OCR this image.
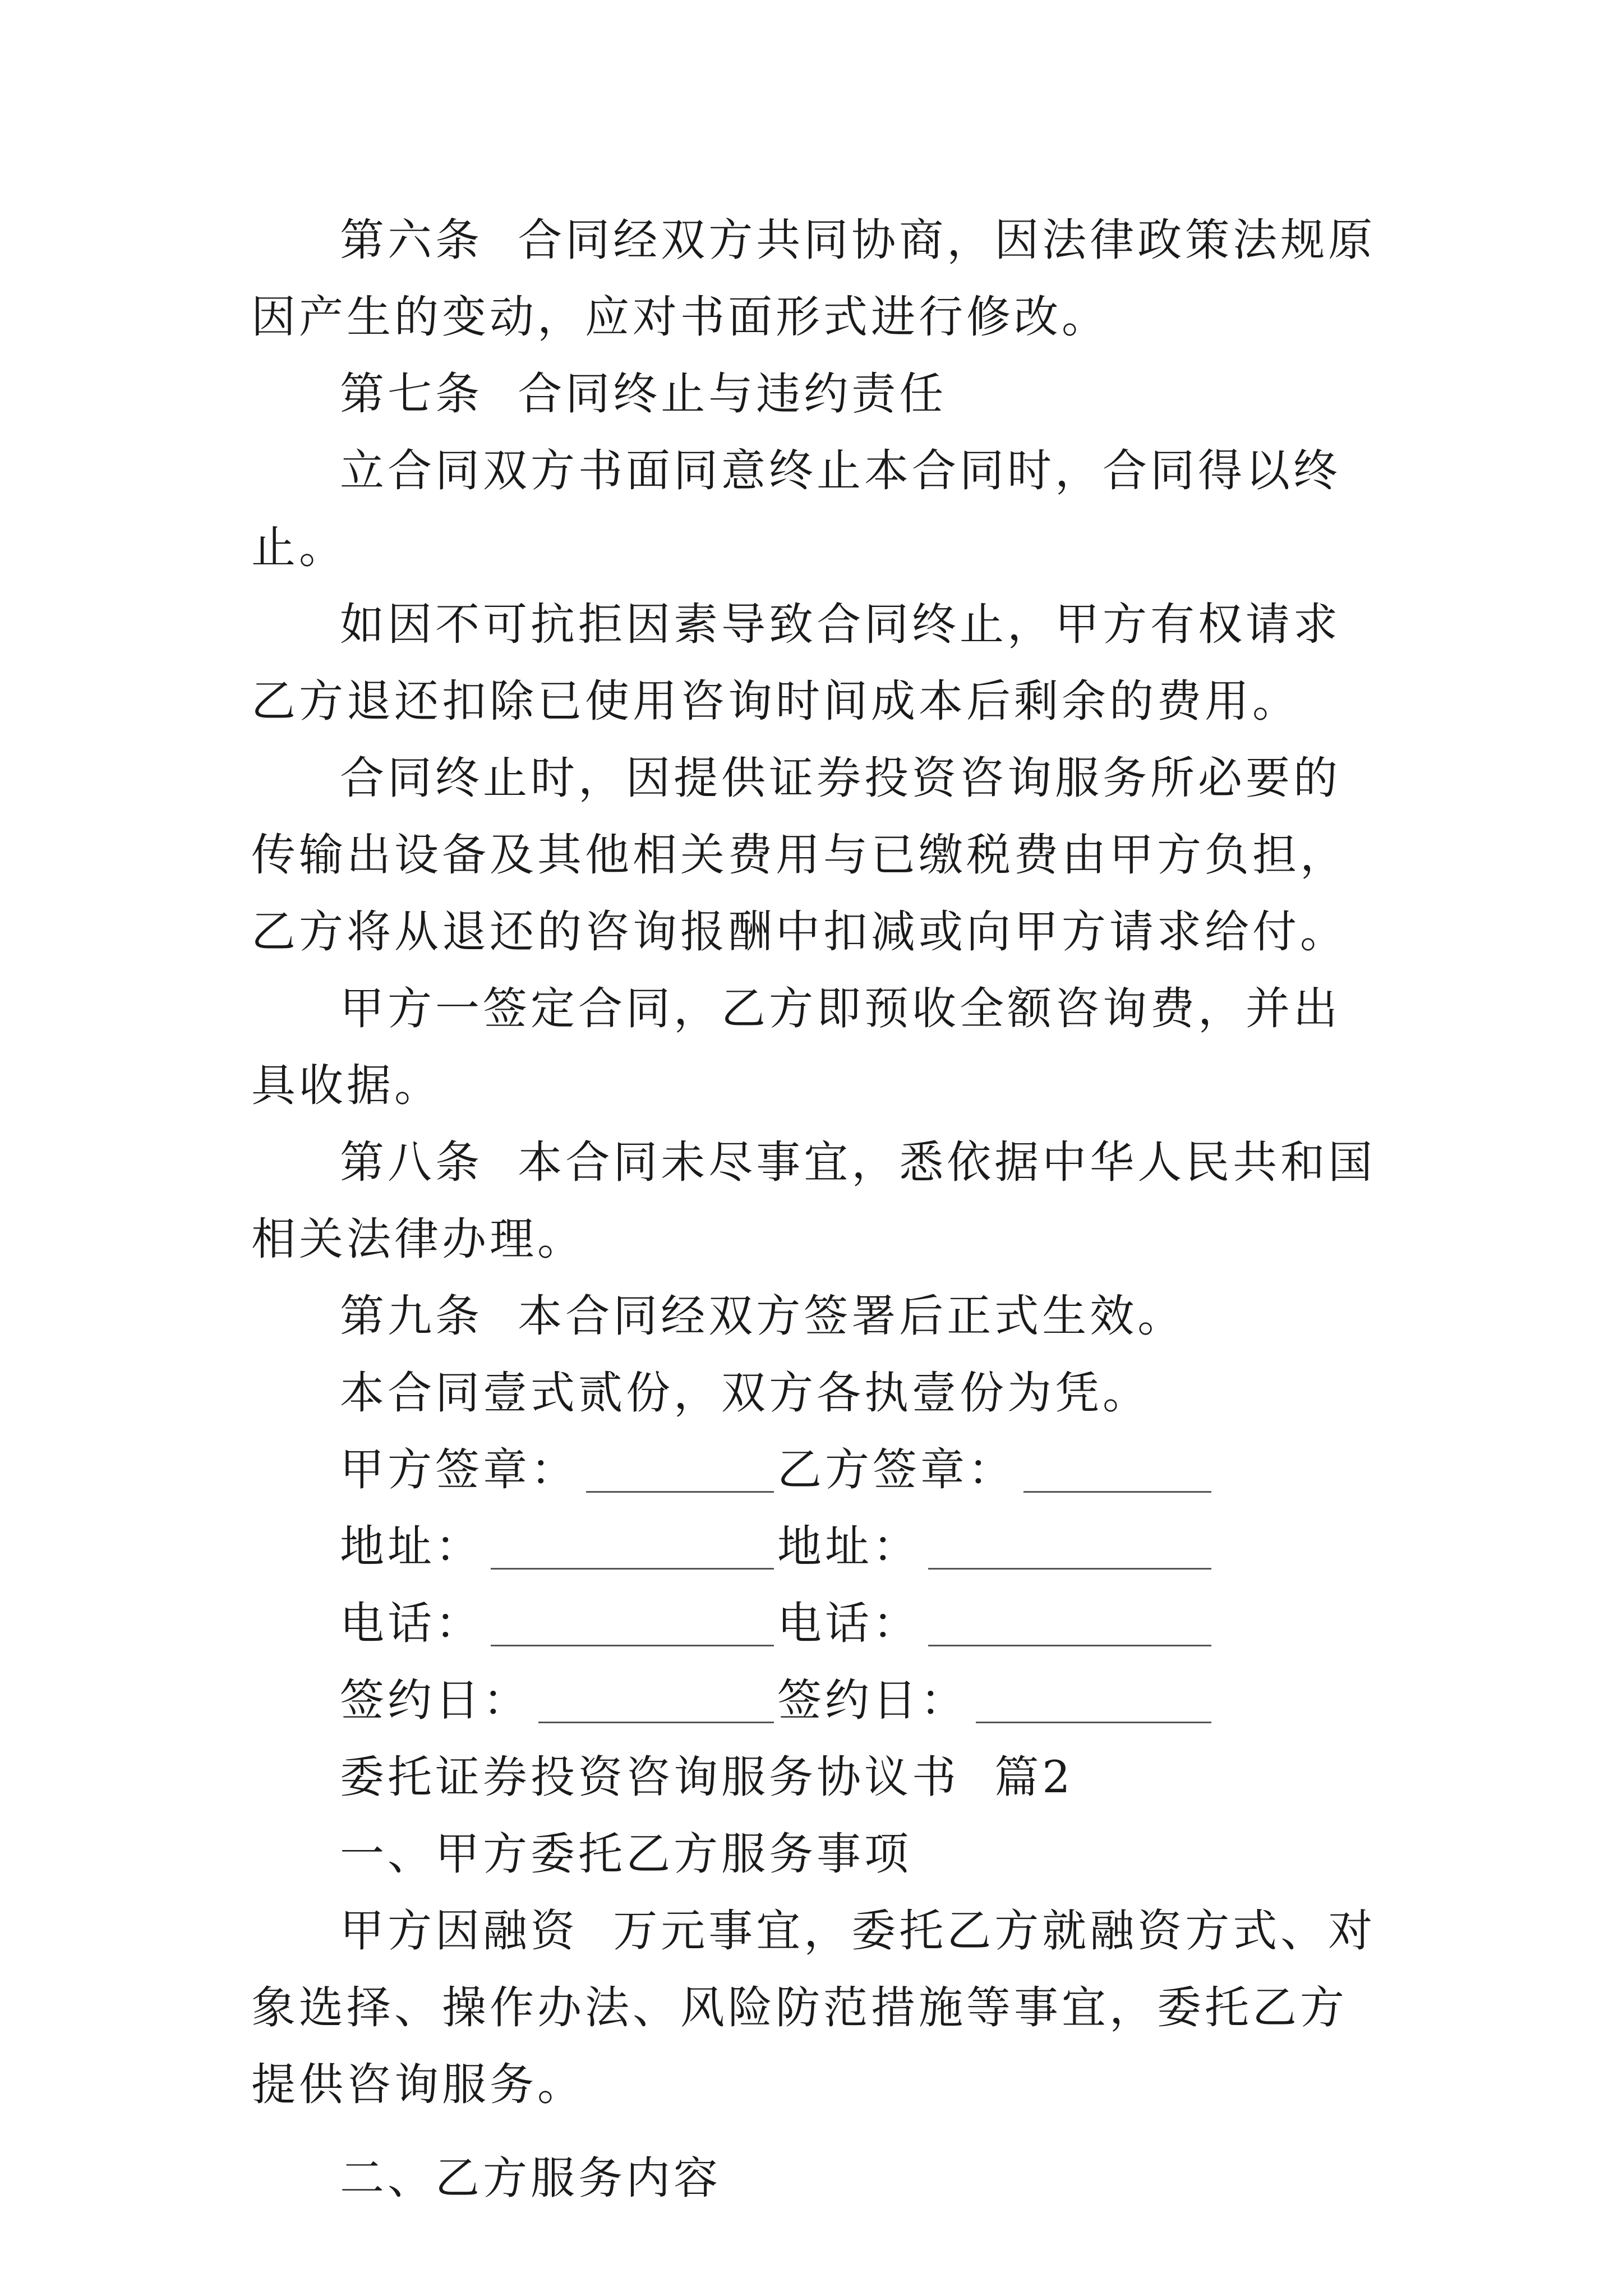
第六条  合同经双方共同协商，因法律政策法规原因产生的变动，应对书面形式进行修改。

第七条  合同终止与违约责任

立合同双方书面同意终止本合同时，合同得以终止。

如因不可抗拒因素导致合同终止，甲方有权请求乙方退还扣除已使用咨询时间成本后剩余的费用。

合同终止时，因提供证券投资咨询服务所必要的传输出设备及其他相关费用与已缴税费由甲方负担，乙方将从退还的咨询报酬中扣减或向甲方请求给付。

甲方一签定合同，乙方即预收全额咨询费，并出具收据。

第八条  本合同未尽事宜，悉依据中华人民共和国相关法律办理。

第九条  本合同经双方签署后正式生效。

本合同壹式贰份，双方各执壹份为凭。

甲方签章：	乙方签章：
地址：	地址：
电话：	电话：
签约日：	签约日：

委托证券投资咨询服务协议书  篇2

一、甲方委托乙方服务事项

甲方因融资  万元事宜，委托乙方就融资方式、对象选择、操作办法、风险防范措施等事宜，委托乙方提供咨询服务。

二、乙方服务内容
